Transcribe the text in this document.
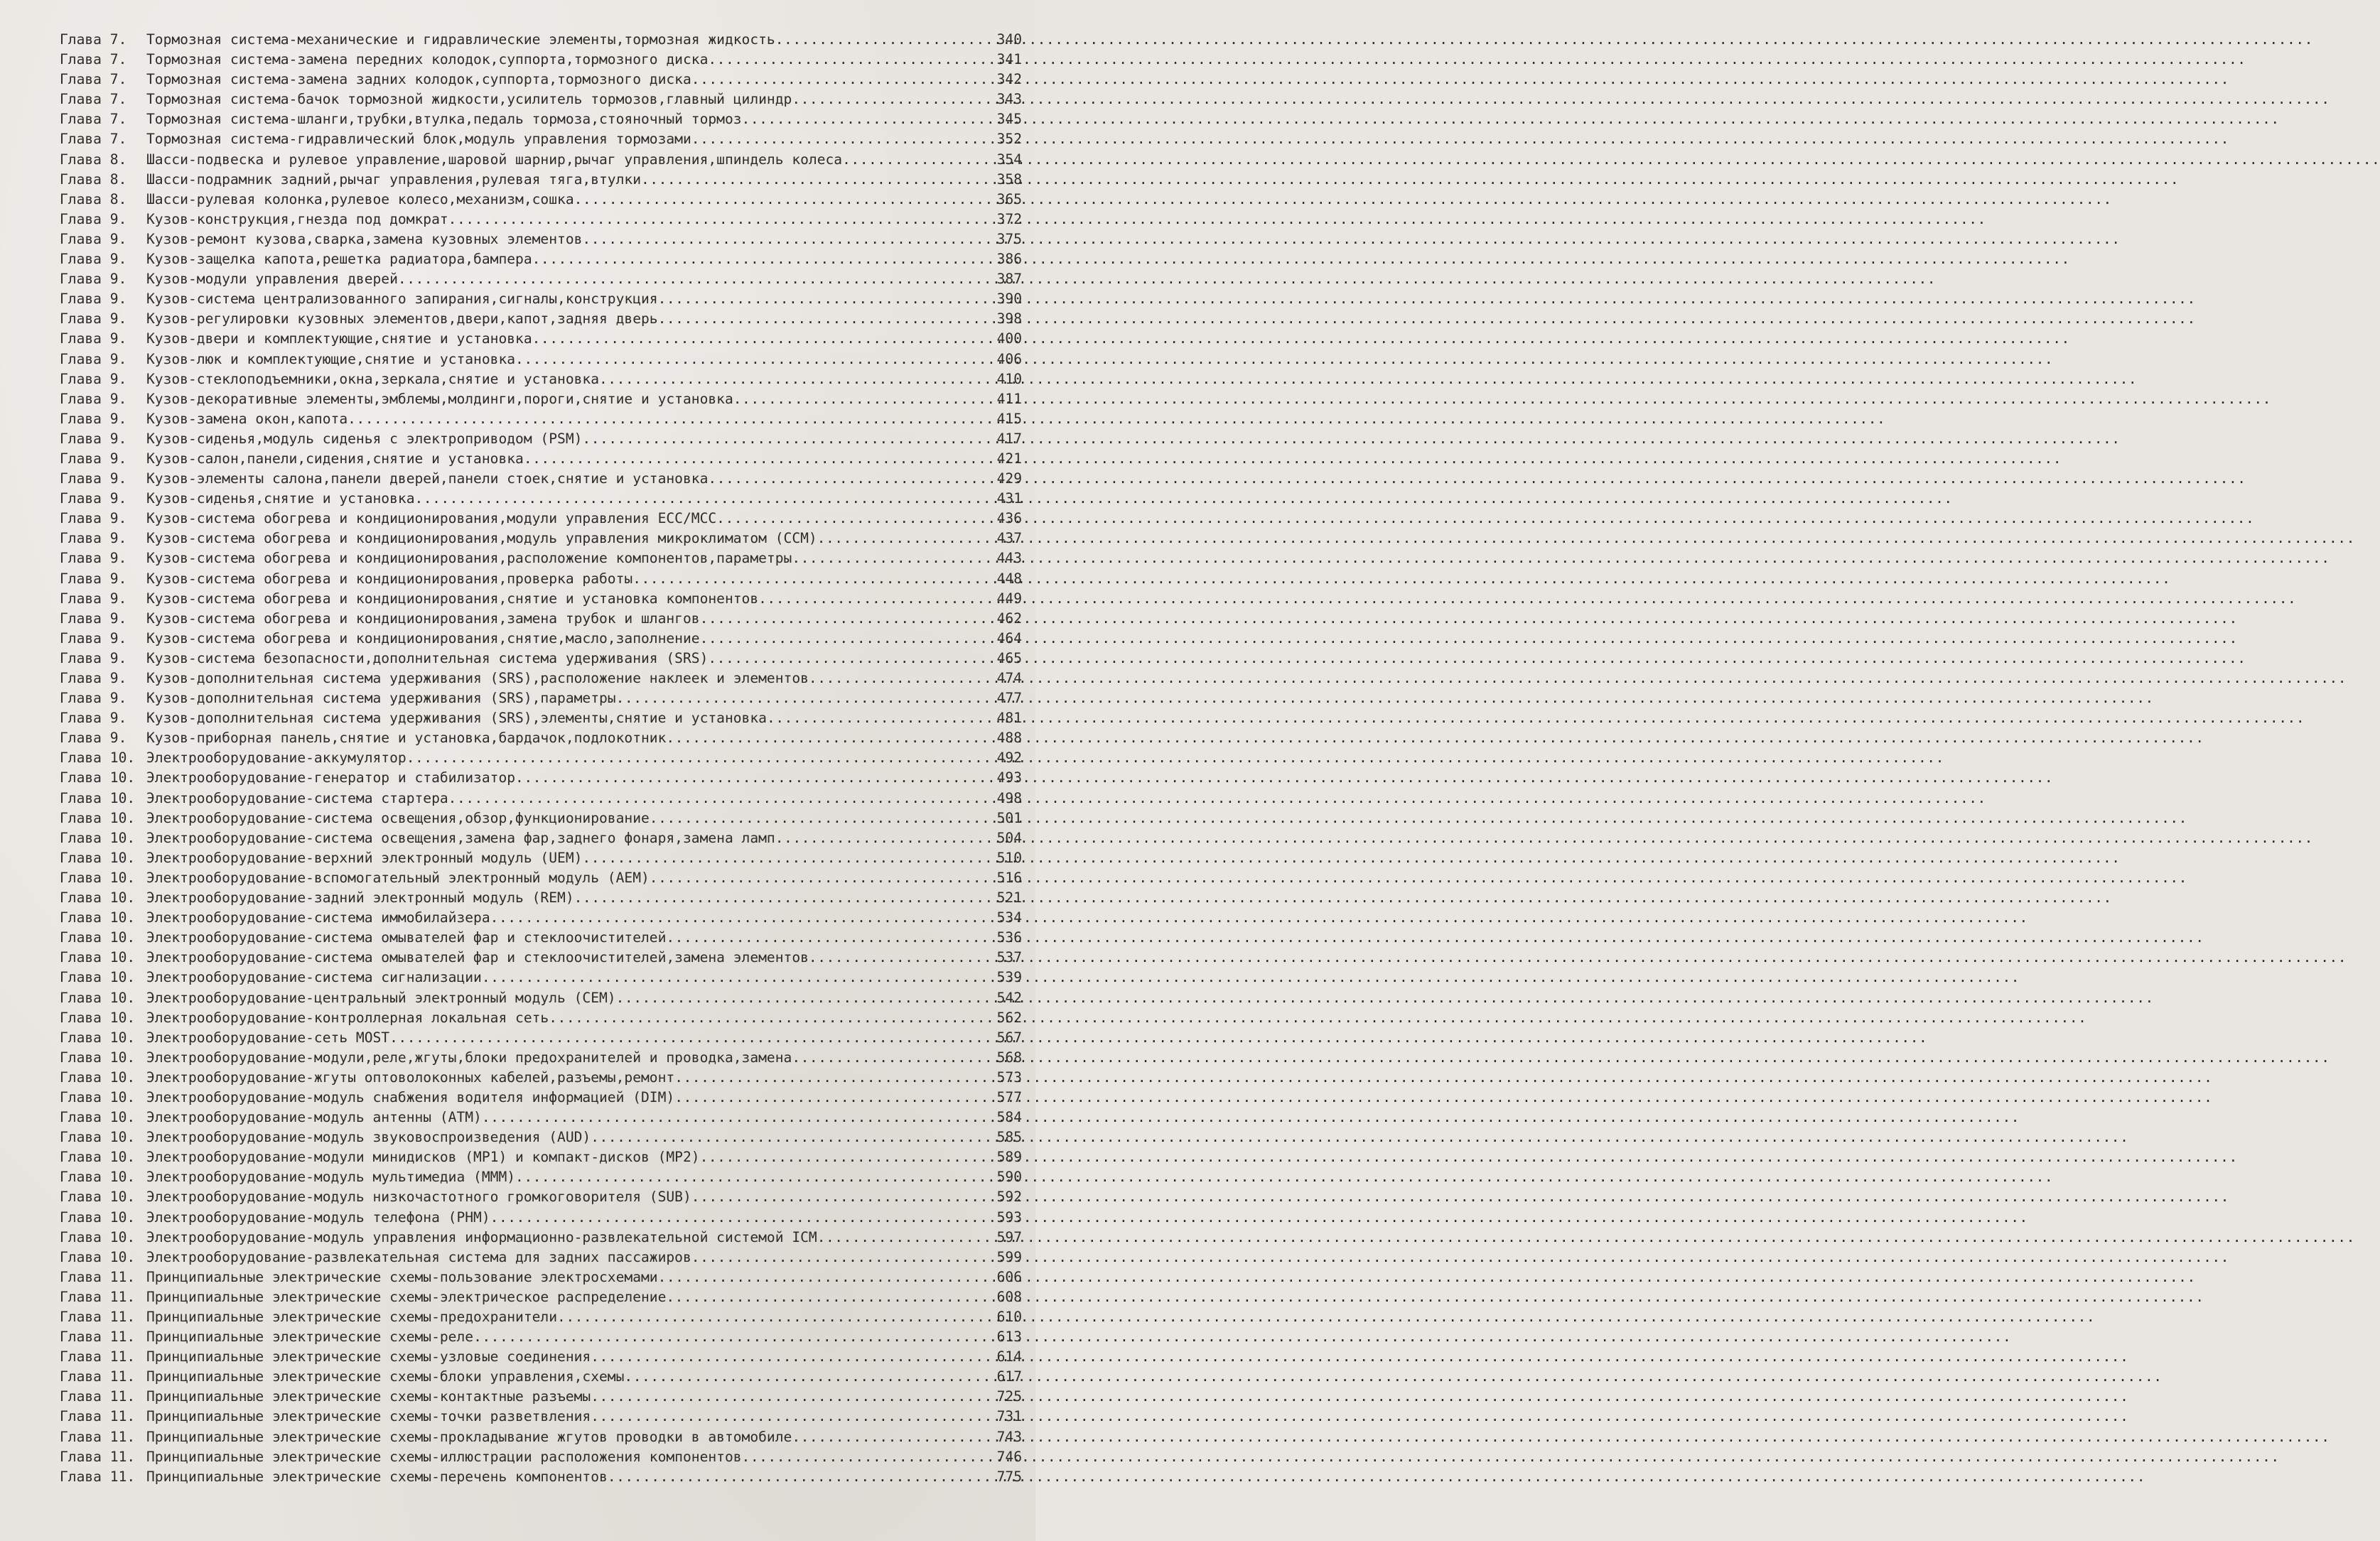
Глава 7.	Тормозная система-механические и гидравлические элементы,тормозная жидкость .....	340
Глава 7.	Тормозная система-замена передних колодок,суппорта,тормозного диска .....	341
Глава 7.	Тормозная система-замена задних колодок,суппорта,тормозного диска .....	342
Глава 7.	Тормозная система-бачок тормозной жидкости,усилитель тормозов,главный цилиндр .....	343
Глава 7.	Тормозная система-шланги,трубки,втулка,педаль тормоза,стояночный тормоз .....	345
Глава 7.	Тормозная система-гидравлический блок,модуль управления тормозами .....	352
Глава 8.	Шасси-подвеска и рулевое управление,шаровой шарнир,рычаг управления,шпиндель колеса .....	354
Глава 8.	Шасси-подрамник задний,рычаг управления,рулевая тяга,втулки .....	358
Глава 8.	Шасси-рулевая колонка,рулевое колесо,механизм,сошка .....	365
Глава 9.	Кузов-конструкция,гнезда под домкрат .....	372
Глава 9.	Кузов-ремонт кузова,сварка,замена кузовных элементов .....	375
Глава 9.	Кузов-защелка капота,решетка радиатора,бампера .....	386
Глава 9.	Кузов-модули управления дверей .....	387
Глава 9.	Кузов-система централизованного запирания,сигналы,конструкция .....	390
Глава 9.	Кузов-регулировки кузовных элементов,двери,капот,задняя дверь .....	398
Глава 9.	Кузов-двери и комплектующие,снятие и установка .....	400
Глава 9.	Кузов-люк и комплектующие,снятие и установка .....	406
Глава 9.	Кузов-стеклоподъемники,окна,зеркала,снятие и установка .....	410
Глава 9.	Кузов-декоративные элементы,эмблемы,молдинги,пороги,снятие и установка .....	411
Глава 9.	Кузов-замена окон,капота .....	415
Глава 9.	Кузов-сиденья,модуль сиденья с электроприводом (PSM) .....	417
Глава 9.	Кузов-салон,панели,сидения,снятие и установка .....	421
Глава 9.	Кузов-элементы салона,панели дверей,панели стоек,снятие и установка .....	429
Глава 9.	Кузов-сиденья,снятие и установка .....	431
Глава 9.	Кузов-система обогрева и кондиционирования,модули управления ECC/MCC .....	436
Глава 9.	Кузов-система обогрева и кондиционирования,модуль управления микроклиматом (CCM) .....	437
Глава 9.	Кузов-система обогрева и кондиционирования,расположение компонентов,параметры .....	443
Глава 9.	Кузов-система обогрева и кондиционирования,проверка работы .....	448
Глава 9.	Кузов-система обогрева и кондиционирования,снятие и установка компонентов .....	449
Глава 9.	Кузов-система обогрева и кондиционирования,замена трубок и шлангов .....	462
Глава 9.	Кузов-система обогрева и кондиционирования,снятие,масло,заполнение .....	464
Глава 9.	Кузов-система безопасности,дополнительная система удерживания (SRS) .....	465
Глава 9.	Кузов-дополнительная система удерживания (SRS),расположение наклеек и элементов .....	474
Глава 9.	Кузов-дополнительная система удерживания (SRS),параметры .....	477
Глава 9.	Кузов-дополнительная система удерживания (SRS),элементы,снятие и установка .....	481
Глава 9.	Кузов-приборная панель,снятие и установка,бардачок,подлокотник .....	488
Глава 10. Электрооборудование-аккумулятор .....	492
Глава 10. Электрооборудование-генератор и стабилизатор .....	493
Глава 10. Электрооборудование-система стартера .....	498
Глава 10. Электрооборудование-система освещения,обзор,функционирование .....	501
Глава 10. Электрооборудование-система освещения,замена фар,заднего фонаря,замена ламп .....	504
Глава 10. Электрооборудование-верхний электронный модуль (UEM) .....	510
Глава 10. Электрооборудование-вспомогательный электронный модуль (AEM) .....	516
Глава 10. Электрооборудование-задний электронный модуль (REM) .....	521
Глава 10. Электрооборудование-система иммобилайзера .....	534
Глава 10. Электрооборудование-система омывателей фар и стеклоочистителей .....	536
Глава 10. Электрооборудование-система омывателей фар и стеклоочистителей,замена элементов .....	537
Глава 10. Электрооборудование-система сигнализации .....	539
Глава 10. Электрооборудование-центральный электронный модуль (CEM) .....	542
Глава 10. Электрооборудование-контроллерная локальная сеть .....	562
Глава 10. Электрооборудование-сеть MOST .....	567
Глава 10. Электрооборудование-модули,реле,жгуты,блоки предохранителей и проводка,замена .....	568
Глава 10. Электрооборудование-жгуты оптоволоконных кабелей,разъемы,ремонт .....	573
Глава 10. Электрооборудование-модуль снабжения водителя информацией (DIM) .....	577
Глава 10. Электрооборудование-модуль антенны (ATM) .....	584
Глава 10. Электрооборудование-модуль звуковоспроизведения (AUD) .....	585
Глава 10. Электрооборудование-модули минидисков (MP1) и компакт-дисков (MP2) .....	589
Глава 10. Электрооборудование-модуль мультимедиа (MMM) .....	590
Глава 10. Электрооборудование-модуль низкочастотного громкоговорителя (SUB) .....	592
Глава 10. Электрооборудование-модуль телефона (PHM) .....	593
Глава 10. Электрооборудование-модуль управления информационно-развлекательной системой ICM .....	597
Глава 10. Электрооборудование-развлекательная система для задних пассажиров .....	599
Глава 11. Принципиальные электрические схемы-пользование электросхемами .....	606
Глава 11. Принципиальные электрические схемы-электрическое распределение .....	608
Глава 11. Принципиальные электрические схемы-предохранители .....	610
Глава 11. Принципиальные электрические схемы-реле .....	613
Глава 11. Принципиальные электрические схемы-узловые соединения .....	614
Глава 11. Принципиальные электрические схемы-блоки управления,схемы .....	617
Глава 11. Принципиальные электрические схемы-контактные разъемы .....	725
Глава 11. Принципиальные электрические схемы-точки разветвления .....	731
Глава 11. Принципиальные электрические схемы-прокладывание жгутов проводки в автомобиле .....	743
Глава 11. Принципиальные электрические схемы-иллюстрации расположения компонентов .....	746
Глава 11. Принципиальные электрические схемы-перечень компонентов .....	775
